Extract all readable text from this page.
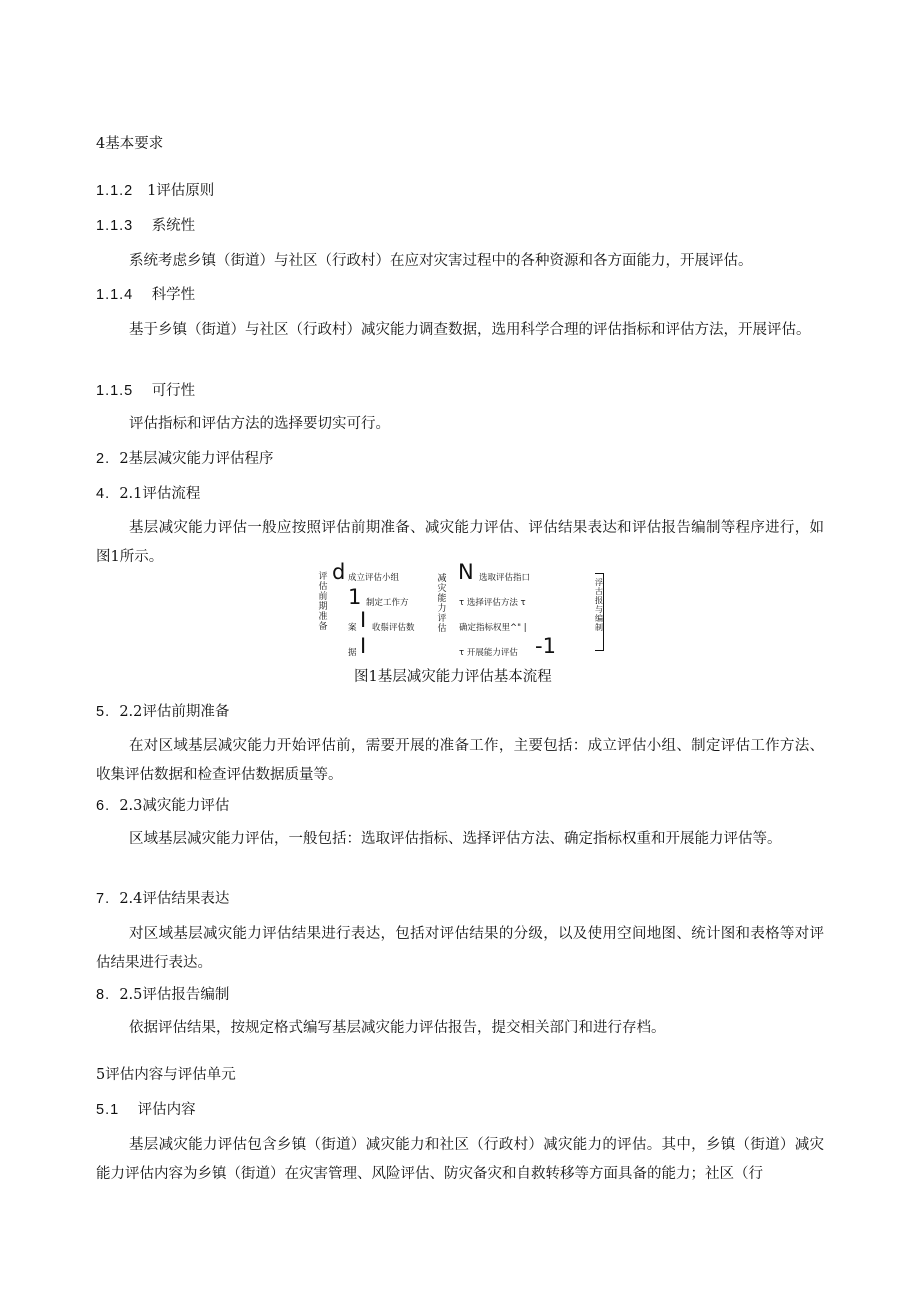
4基本要求
1.1.2 1评估原则
1.1.3 系统性

系统考虑乡镇（街道）与社区（行政村）在应对灾害过程中的各种资源和各方面能力，开展评估。

1.1.4 科学性

基于乡镇（街道）与社区（行政村）减灾能力调查数据，选用科学合理的评估指标和评估方法，开展评估。

1.1.5 可行性

评估指标和评估方法的选择要切实可行。

2. 2基层减灾能力评估程序
4. 2.1评估流程

基层减灾能力评估一般应按照评估前期准备、减灾能力评估、评估结果表达和评估报告编制等程序进行，如图1所示。

评估前期准备
d 成立评估小组
1 制定工作方
案 I 收鬃评估数
据 I
减灾能力评估
N 选取评估指口
τ 选择评估方法 τ
确定指标权里^" |
τ 开展能力评估 -1
浮古报与编制
图1基层减灾能力评估基本流程
5. 2.2评估前期准备

在对区域基层减灾能力开始评估前，需要开展的准备工作，主要包括：成立评估小组、制定评估工作方法、收集评估数据和检查评估数据质量等。

6. 2.3减灾能力评估

区域基层减灾能力评估，一般包括：选取评估指标、选择评估方法、确定指标权重和开展能力评估等。

7. 2.4评估结果表达

对区域基层减灾能力评估结果进行表达，包括对评估结果的分级，以及使用空间地图、统计图和表格等对评估结果进行表达。

8. 2.5评估报告编制

依据评估结果，按规定格式编写基层减灾能力评估报告，提交相关部门和进行存档。

5评估内容与评估单元
5.1 评估内容

基层减灾能力评估包含乡镇（街道）减灾能力和社区（行政村）减灾能力的评估。其中，乡镇（街道）减灾能力评估内容为乡镇（街道）在灾害管理、风险评估、防灾备灾和自救转移等方面具备的能力；社区（行
